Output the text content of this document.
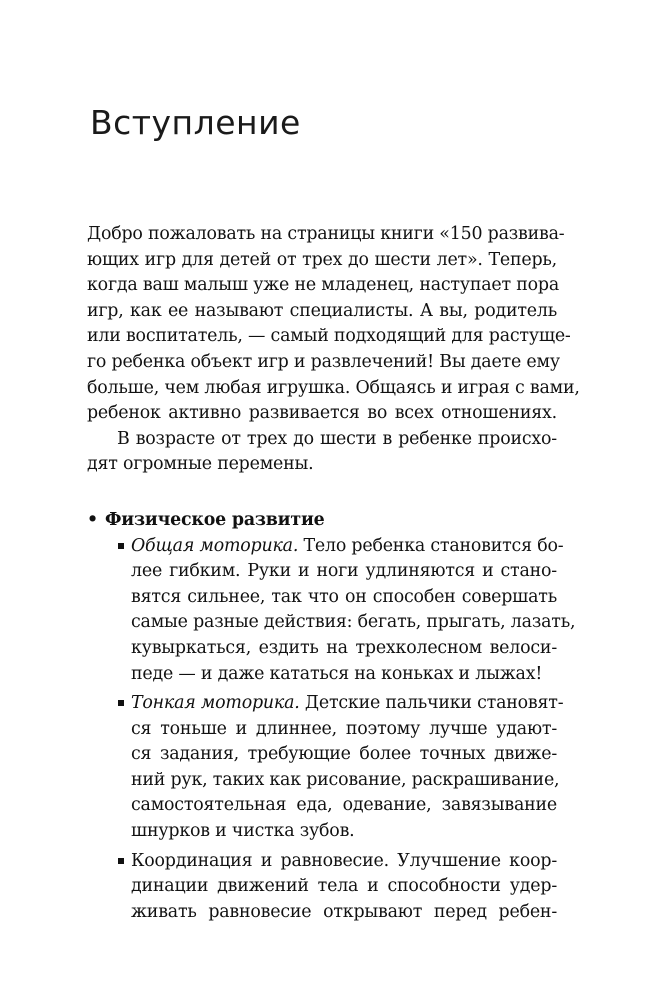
Вступление

Добро пожаловать на страницы книги «150 развива-
ющих игр для детей от трех до шести лет». Теперь,
когда ваш малыш уже не младенец, наступает пора
игр, как ее называют специалисты. А вы, родитель
или воспитатель, — самый подходящий для растуще-
го ребенка объект игр и развлечений! Вы даете ему
больше, чем любая игрушка. Общаясь и играя с вами,
ребенок активно развивается во всех отношениях.

В возрасте от трех до шести в ребенке происхо-
дят огромные перемены.

• Физическое развитие
Общая моторика. Тело ребенка становится бо-
лее гибким. Руки и ноги удлиняются и стано-
вятся сильнее, так что он способен совершать
самые разные действия: бегать, прыгать, лазать,
кувыркаться, ездить на трехколесном велоси-
педе — и даже кататься на коньках и лыжах!
Тонкая моторика. Детские пальчики становят-
ся тоньше и длиннее, поэтому лучше удают-
ся задания, требующие более точных движе-
ний рук, таких как рисование, раскрашивание,
самостоятельная еда, одевание, завязывание
шнурков и чистка зубов.
Координация и равновесие. Улучшение коор-
динации движений тела и способности удер-
живать равновесие открывают перед ребен-
